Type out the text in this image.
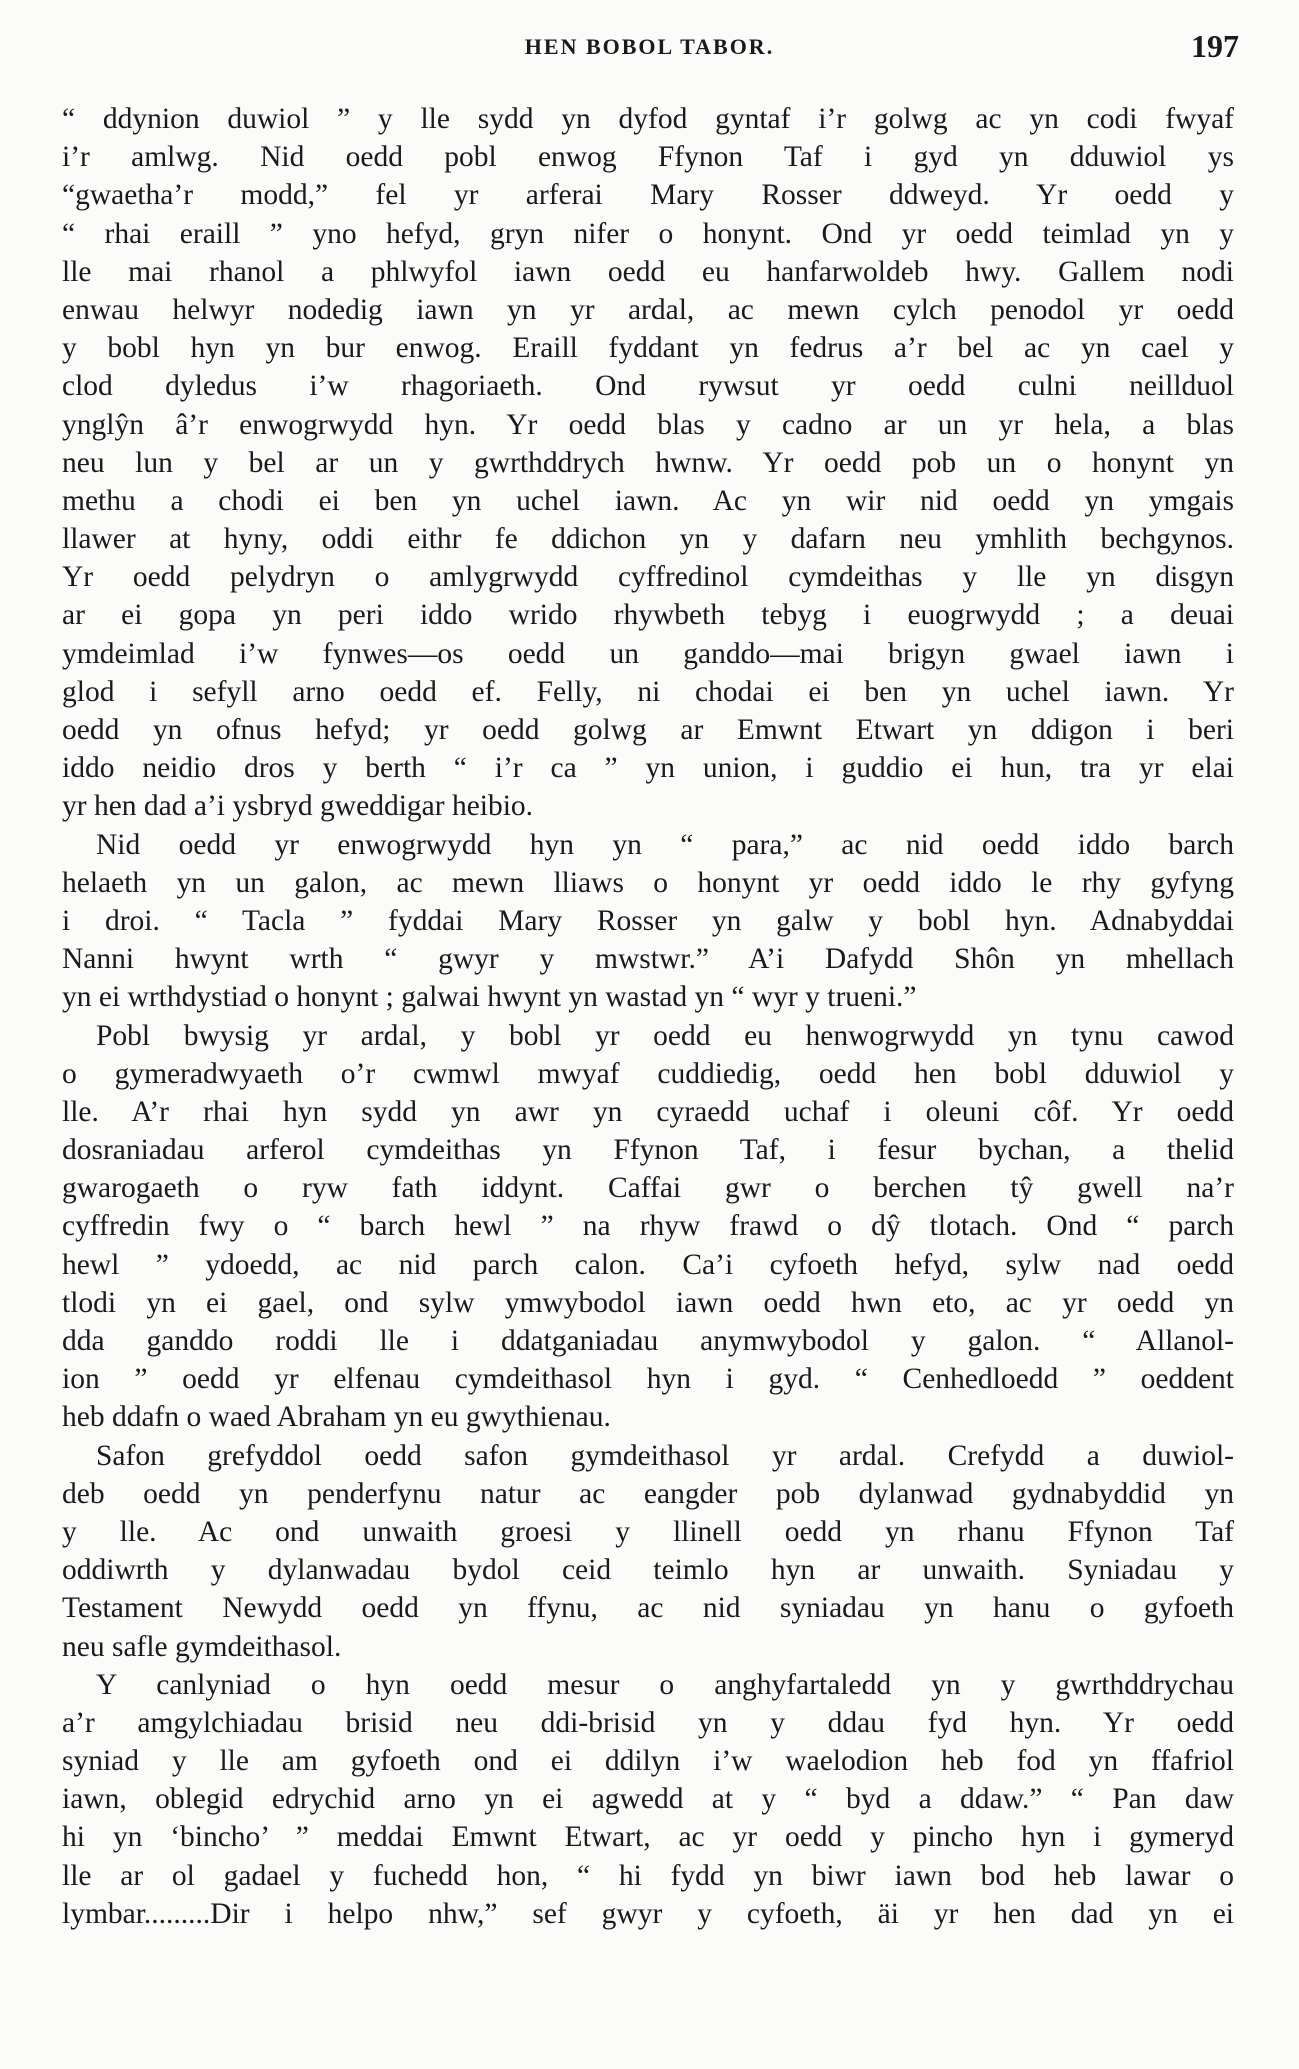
HEN BOBOL TABOR.	197
“ ddynion duwiol ” y lle sydd yn dyfod gyntaf i’r golwg ac yn codi fwyaf
i’r amlwg. Nid oedd pobl enwog Ffynon Taf i gyd yn dduwiol ys
“gwaetha’r modd,” fel yr arferai Mary Rosser ddweyd. Yr oedd y
“ rhai eraill ” yno hefyd, gryn nifer o honynt. Ond yr oedd teimlad yn y
lle mai rhanol a phlwyfol iawn oedd eu hanfarwoldeb hwy. Gallem nodi
enwau helwyr nodedig iawn yn yr ardal, ac mewn cylch penodol yr oedd
y bobl hyn yn bur enwog. Eraill fyddant yn fedrus a’r bel ac yn cael y
clod dyledus i’w rhagoriaeth. Ond rywsut yr oedd culni neillduol
ynglŷn â’r enwogrwydd hyn. Yr oedd blas y cadno ar un yr hela, a blas
neu lun y bel ar un y gwrthddrych hwnw. Yr oedd pob un o honynt yn
methu a chodi ei ben yn uchel iawn. Ac yn wir nid oedd yn ymgais
llawer at hyny, oddi eithr fe ddichon yn y dafarn neu ymhlith bechgynos.
Yr oedd pelydryn o amlygrwydd cyffredinol cymdeithas y lle yn disgyn
ar ei gopa yn peri iddo wrido rhywbeth tebyg i euogrwydd ; a deuai
ymdeimlad i’w fynwes—os oedd un ganddo—mai brigyn gwael iawn i
glod i sefyll arno oedd ef. Felly, ni chodai ei ben yn uchel iawn. Yr
oedd yn ofnus hefyd; yr oedd golwg ar Emwnt Etwart yn ddigon i beri
iddo neidio dros y berth “ i’r ca ” yn union, i guddio ei hun, tra yr elai
yr hen dad a’i ysbryd gweddigar heibio.
Nid oedd yr enwogrwydd hyn yn “ para,” ac nid oedd iddo barch
helaeth yn un galon, ac mewn lliaws o honynt yr oedd iddo le rhy gyfyng
i droi. “ Tacla ” fyddai Mary Rosser yn galw y bobl hyn. Adnabyddai
Nanni hwynt wrth “ gwyr y mwstwr.” A’i Dafydd Shôn yn mhellach
yn ei wrthdystiad o honynt ; galwai hwynt yn wastad yn “ wyr y trueni.”
Pobl bwysig yr ardal, y bobl yr oedd eu henwogrwydd yn tynu cawod
o gymeradwyaeth o’r cwmwl mwyaf cuddiedig, oedd hen bobl dduwiol y
lle. A’r rhai hyn sydd yn awr yn cyraedd uchaf i oleuni côf. Yr oedd
dosraniadau arferol cymdeithas yn Ffynon Taf, i fesur bychan, a thelid
gwarogaeth o ryw fath iddynt. Caffai gwr o berchen tŷ gwell na’r
cyffredin fwy o “ barch hewl ” na rhyw frawd o dŷ tlotach. Ond “ parch
hewl ” ydoedd, ac nid parch calon. Ca’i cyfoeth hefyd, sylw nad oedd
tlodi yn ei gael, ond sylw ymwybodol iawn oedd hwn eto, ac yr oedd yn
dda ganddo roddi lle i ddatganiadau anymwybodol y galon. “ Allanol-
ion ” oedd yr elfenau cymdeithasol hyn i gyd. “ Cenhedloedd ” oeddent
heb ddafn o waed Abraham yn eu gwythienau.
Safon grefyddol oedd safon gymdeithasol yr ardal. Crefydd a duwiol-
deb oedd yn penderfynu natur ac eangder pob dylanwad gydnabyddid yn
y lle. Ac ond unwaith groesi y llinell oedd yn rhanu Ffynon Taf
oddiwrth y dylanwadau bydol ceid teimlo hyn ar unwaith. Syniadau y
Testament Newydd oedd yn ffynu, ac nid syniadau yn hanu o gyfoeth
neu safle gymdeithasol.
Y canlyniad o hyn oedd mesur o anghyfartaledd yn y gwrthddrychau
a’r amgylchiadau brisid neu ddi-brisid yn y ddau fyd hyn. Yr oedd
syniad y lle am gyfoeth ond ei ddilyn i’w waelodion heb fod yn ffafriol
iawn, oblegid edrychid arno yn ei agwedd at y “ byd a ddaw.” “ Pan daw
hi yn ‘bincho’ ” meddai Emwnt Etwart, ac yr oedd y pincho hyn i gymeryd
lle ar ol gadael y fuchedd hon, “ hi fydd yn biwr iawn bod heb lawar o
lymbar.........Dir i helpo nhw,” sef gwyr y cyfoeth, äi yr hen dad yn ei
